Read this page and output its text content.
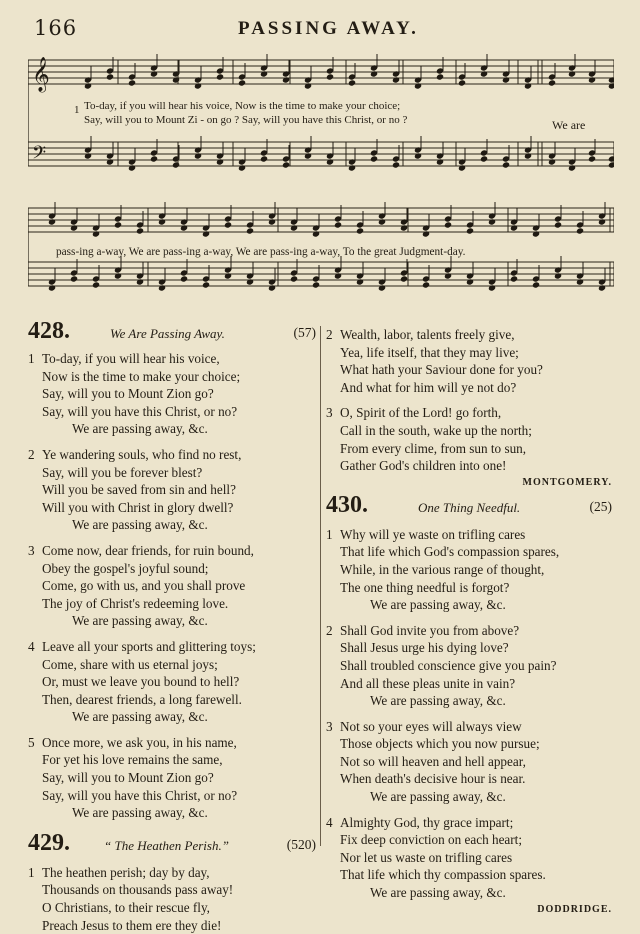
166	PASSING AWAY.
𝄞
𝄢
1 Το-day, if you will hear his voice, Now is the time to make your choice;
Say, will you to Mount Zi - on go ? Say, will you have this Christ, or no ?	We are
pass-ing a-way, We are pass-ing a-way, We are pass-ing a-way, To the great Judgment-day.
428.	We Are Passing Away.	(57)
1 To-day, if you will hear his voice,
Now is the time to make your choice;
Say, will you to Mount Zion go?
Say, will you have this Christ, or no?
We are passing away, &c.
2 Ye wandering souls, who find no rest,
Say, will you be forever blest?
Will you be saved from sin and hell?
Will you with Christ in glory dwell?
We are passing away, &c.
3 Come now, dear friends, for ruin bound,
Obey the gospel's joyful sound;
Come, go with us, and you shall prove
The joy of Christ's redeeming love.
We are passing away, &c.
4 Leave all your sports and glittering toys;
Come, share with us eternal joys;
Or, must we leave you bound to hell?
Then, dearest friends, a long farewell.
We are passing away, &c.
5 Once more, we ask you, in his name,
For yet his love remains the same,
Say, will you to Mount Zion go?
Say, will you have this Christ, or no?
We are passing away, &c.
429.	“ The Heathen Perish.”	(520)
1 The heathen perish; day by day,
Thousands on thousands pass away!
O Christians, to their rescue fly,
Preach Jesus to them ere they die!
2 Wealth, labor, talents freely give,
Yea, life itself, that they may live;
What hath your Saviour done for you?
And what for him will ye not do?
3 O, Spirit of the Lord! go forth,
Call in the south, wake up the north;
From every clime, from sun to sun,
Gather God's children into one!
MONTGOMERY.
430.	One Thing Needful.	(25)
1 Why will ye waste on trifling cares
That life which God's compassion spares,
While, in the various range of thought,
The one thing needful is forgot?
We are passing away, &c.
2 Shall God invite you from above?
Shall Jesus urge his dying love?
Shall troubled conscience give you pain?
And all these pleas unite in vain?
We are passing away, &c.
3 Not so your eyes will always view
Those objects which you now pursue;
Not so will heaven and hell appear,
When death's decisive hour is near.
We are passing away, &c.
4 Almighty God, thy grace impart;
Fix deep conviction on each heart;
Nor let us waste on trifling cares
That life which thy compassion spares.
We are passing away, &c.
DODDRIDGE.
